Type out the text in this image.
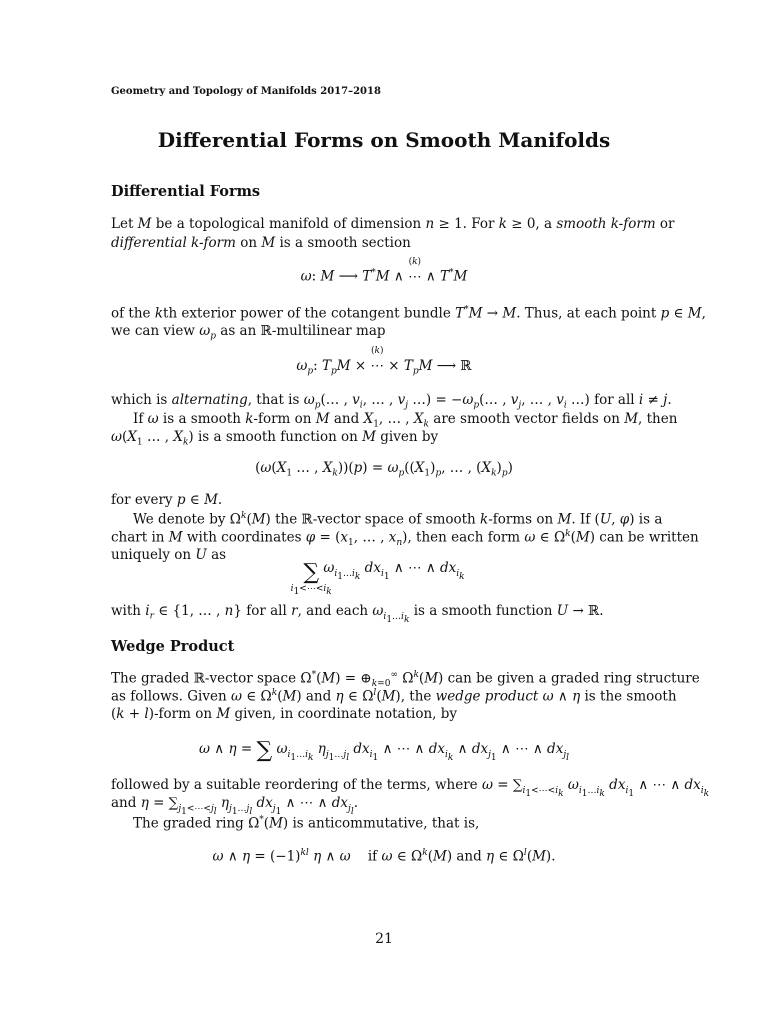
Geometry and Topology of Manifolds 2017–2018
Differential Forms on Smooth Manifolds
Differential Forms
Let M be a topological manifold of dimension n ≥ 1. For k ≥ 0, a smooth k-form or
differential k-form on M is a smooth section
ω: M ⟶ T*M ∧ ⋯
(k)
∧ T*M
of the kth exterior power of the cotangent bundle T*M → M. Thus, at each point p ∈ M,
we can view $\omega_p$ as an ℝ-multilinear map
$\omega_p$: $T_pM$ × ⋯
(k)
× $T_pM$ ⟶ ℝ
which is alternating, that is $\omega_p(\dots$ , $v_i$, … , $v_j$ …) = $-\omega_p(\dots$ , $v_j$, … , $v_i$ …) for all i ≠ j.
If ω is a smooth k-form on M and $X_1$, … , $X_k$ are smooth vector fields on M, then
$\omega(X_1$ … , $X_k$) is a smooth function on M given by
($\omega(X_1$ … , $X_k))(p) = \omega_p((X_1)_p$, … , $(X_k)_p$)
for every p ∈ M.
We denote by $\Omega^k(M)$ the ℝ-vector space of smooth k-forms on M. If (U, φ) is a
chart in M with coordinates $\varphi = (x_1$, … , $x_n$), then each form ω ∈ $\Omega^k(M)$ can be written
uniquely on U as
∑
$i_1<\cdots<i_k$
$\omega_{i_1\dots i_k}$ $dx_{i_1}$ ∧ ⋯ ∧ $dx_{i_k}$
with $i_r$ ∈ {1, … , n} for all r, and each $\omega_{i_1\dots i_k}$ is a smooth function U → ℝ.
Wedge Product
The graded ℝ-vector space $\Omega^*(M) = \oplus_{k=0}^\infty$ $\Omega^k(M)$ can be given a graded ring structure
as follows. Given ω ∈ $\Omega^k(M)$ and η ∈ $\Omega^l(M)$, the wedge product ω ∧ η is the smooth
(k + l)-form on M given, in coordinate notation, by
ω ∧ η = ∑ $\omega_{i_1\dots i_k}$ $\eta_{j_1\dots j_l}$ $dx_{i_1}$ ∧ ⋯ ∧ $dx_{i_k}$ ∧ $dx_{j_1}$ ∧ ⋯ ∧ $dx_{j_l}$
followed by a suitable reordering of the terms, where $\omega = \sum_{i_1<\cdots<i_k}$ $\omega_{i_1\dots i_k}$ $dx_{i_1}$ ∧ ⋯ ∧ $dx_{i_k}$
and $\eta = \sum_{j_1<\cdots<j_l}$ $\eta_{j_1\dots j_l}$ $dx_{j_1}$ ∧ ⋯ ∧ $dx_{j_l}$.
The graded ring Ω*(M) is anticommutative, that is,
ω ∧ $\eta = (-1)^{kl}$ η ∧ ω    if ω ∈ $\Omega^k(M)$ and η ∈ $\Omega^l(M)$.
21
